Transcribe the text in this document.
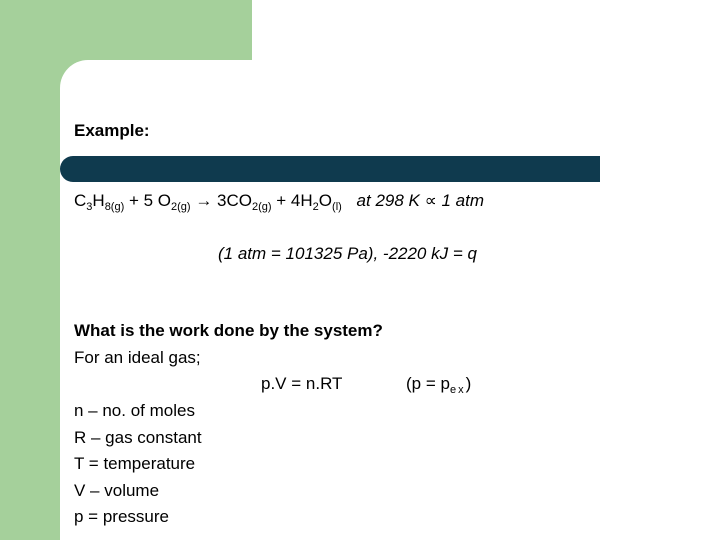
Example:
$C_3H_{8(g)} + 5$ $O_{2(g)} \to 3CO_{2(g)} + 4H_2O_{(l)}$ at 298 K ∝ 1 atm
(1 atm = 101325 Pa), -2220 kJ = q
What is the work done by the system?
For an ideal gas;
p.V = n.RT	$(p = p_{ex})$
n – no. of moles
R – gas constant
T = temperature
V – volume
p = pressure
